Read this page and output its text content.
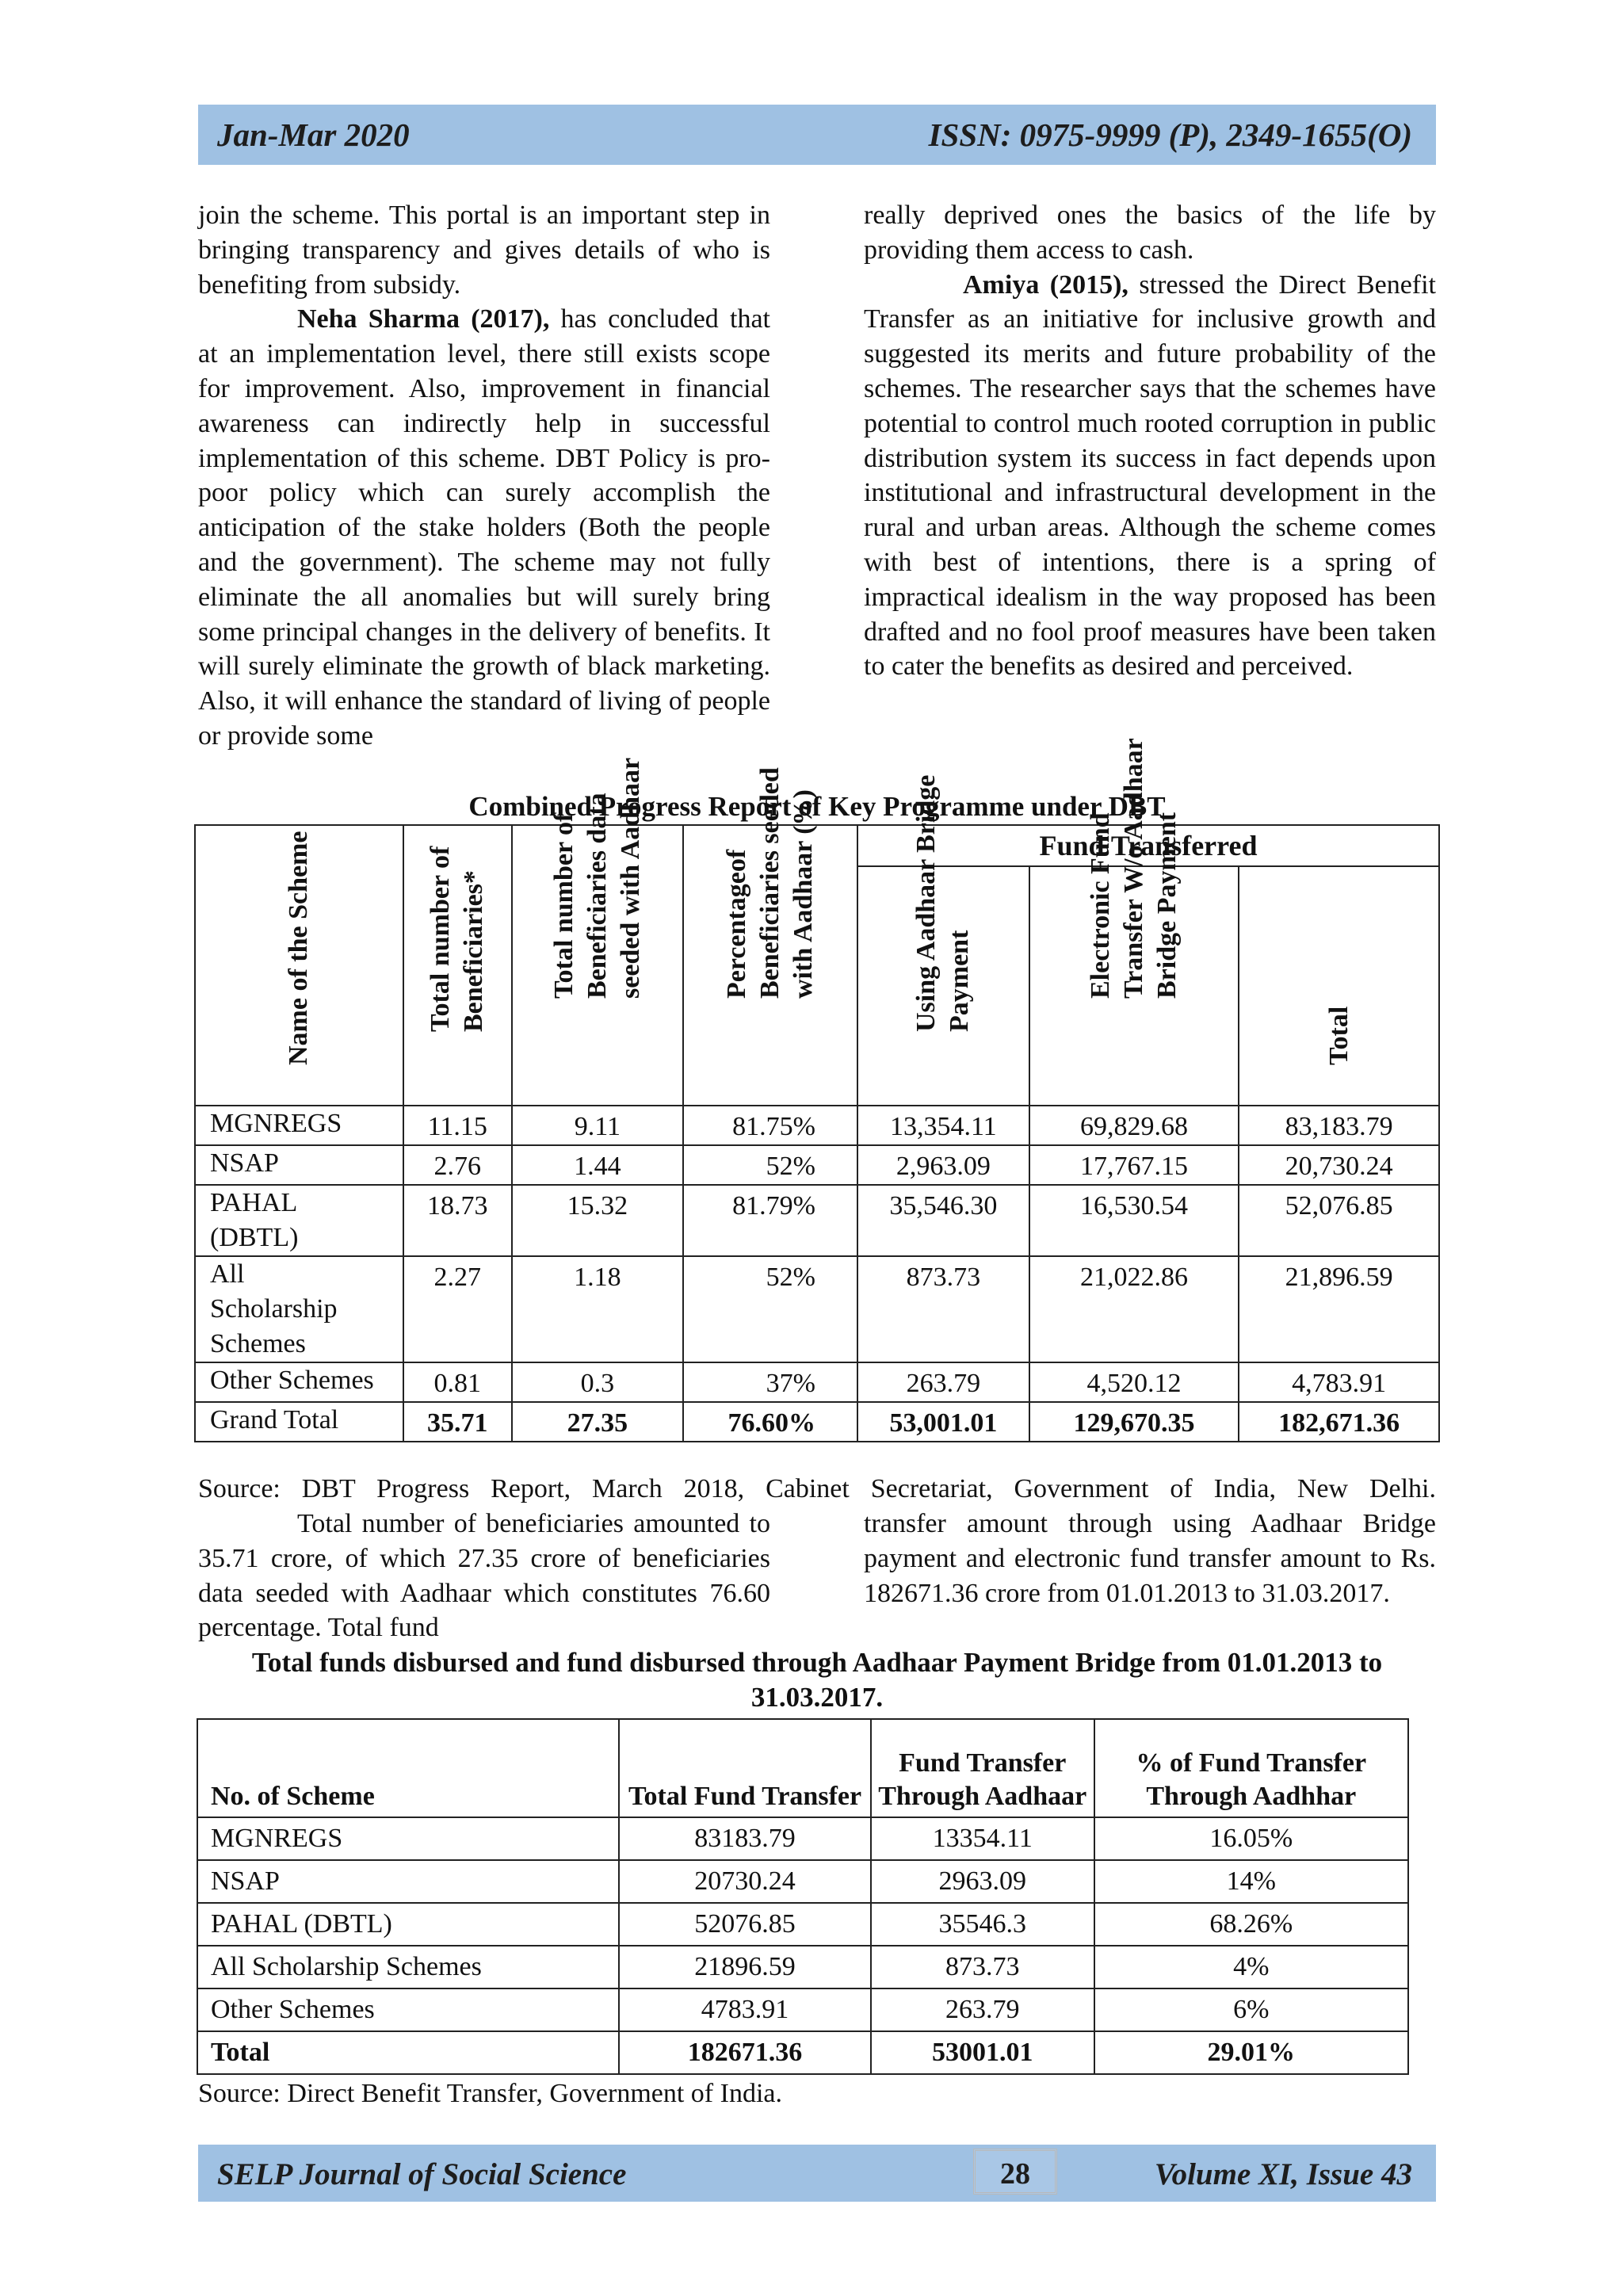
Jan-Mar 2020	ISSN: 0975-9999 (P), 2349-1655(O)

join the scheme. This portal is an important step in bringing transparency and gives details of who is benefiting from subsidy.

Neha Sharma (2017), has concluded that at an implementation level, there still exists scope for improvement. Also, improvement in financial awareness can indirectly help in successful implementation of this scheme. DBT Policy is pro-poor policy which can surely accomplish the anticipation of the stake holders (Both the people and the government). The scheme may not fully eliminate the all anomalies but will surely bring some principal changes in the delivery of benefits. It will surely eliminate the growth of black marketing. Also, it will enhance the standard of living of people or provide some

really deprived ones the basics of the life by providing them access to cash.

Amiya (2015), stressed the Direct Benefit Transfer as an initiative for inclusive growth and suggested its merits and future probability of the schemes. The researcher says that the schemes have potential to control much rooted corruption in public distribution system its success in fact depends upon institutional and infrastructural development in the rural and urban areas. Although the scheme comes with best of intentions, there is a spring of impractical idealism in the way proposed has been drafted and no fool proof measures have been taken to cater the benefits as desired and perceived.

Combined Progress Report of Key Programme under DBT
Name of the Scheme	Total number of Beneficiaries*	Total number of Beneficiaries data seeded with Aadhaar	Percentageof Beneficiaries seeded with Aadhaar (%)	Fund Transferred		

				Using Aadhaar Bridge Payment	Electronic Fund Transfer W/o Aadhaar Bridge Payment	Total

MGNREGS	11.15	9.11	81.75%	13,354.11	69,829.68	83,183.79
NSAP	2.76	1.44	52%	2,963.09	17,767.15	20,730.24
PAHAL (DBTL)	18.73	15.32	81.79%	35,546.30	16,530.54	52,076.85
All Scholarship Schemes	2.27	1.18	52%	873.73	21,022.86	21,896.59
Other Schemes	0.81	0.3	37%	263.79	4,520.12	4,783.91
Grand Total	35.71	27.35	76.60%	53,001.01	129,670.35	182,671.36
Source: DBT Progress Report, March 2018, Cabinet Secretariat, Government of India, New Delhi.

Total number of beneficiaries amounted to 35.71 crore, of which 27.35 crore of beneficiaries data seeded with Aadhaar which constitutes 76.60 percentage. Total fund

transfer amount through using Aadhaar Bridge payment and electronic fund transfer amount to Rs. 182671.36 crore from 01.01.2013 to 31.03.2017.

Total funds disbursed and fund disbursed through Aadhaar Payment Bridge from 01.01.2013 to 31.03.2017.
No. of Scheme	Total Fund Transfer	Fund Transfer Through Aadhaar	% of Fund Transfer Through Aadhhar
MGNREGS	83183.79	13354.11	16.05%
NSAP	20730.24	2963.09	14%
PAHAL (DBTL)	52076.85	35546.3	68.26%
All Scholarship Schemes	21896.59	873.73	4%
Other Schemes	4783.91	263.79	6%
Total	182671.36	53001.01	29.01%
Source: Direct Benefit Transfer, Government of India.
SELP Journal of Social Science	28	Volume XI, Issue 43
